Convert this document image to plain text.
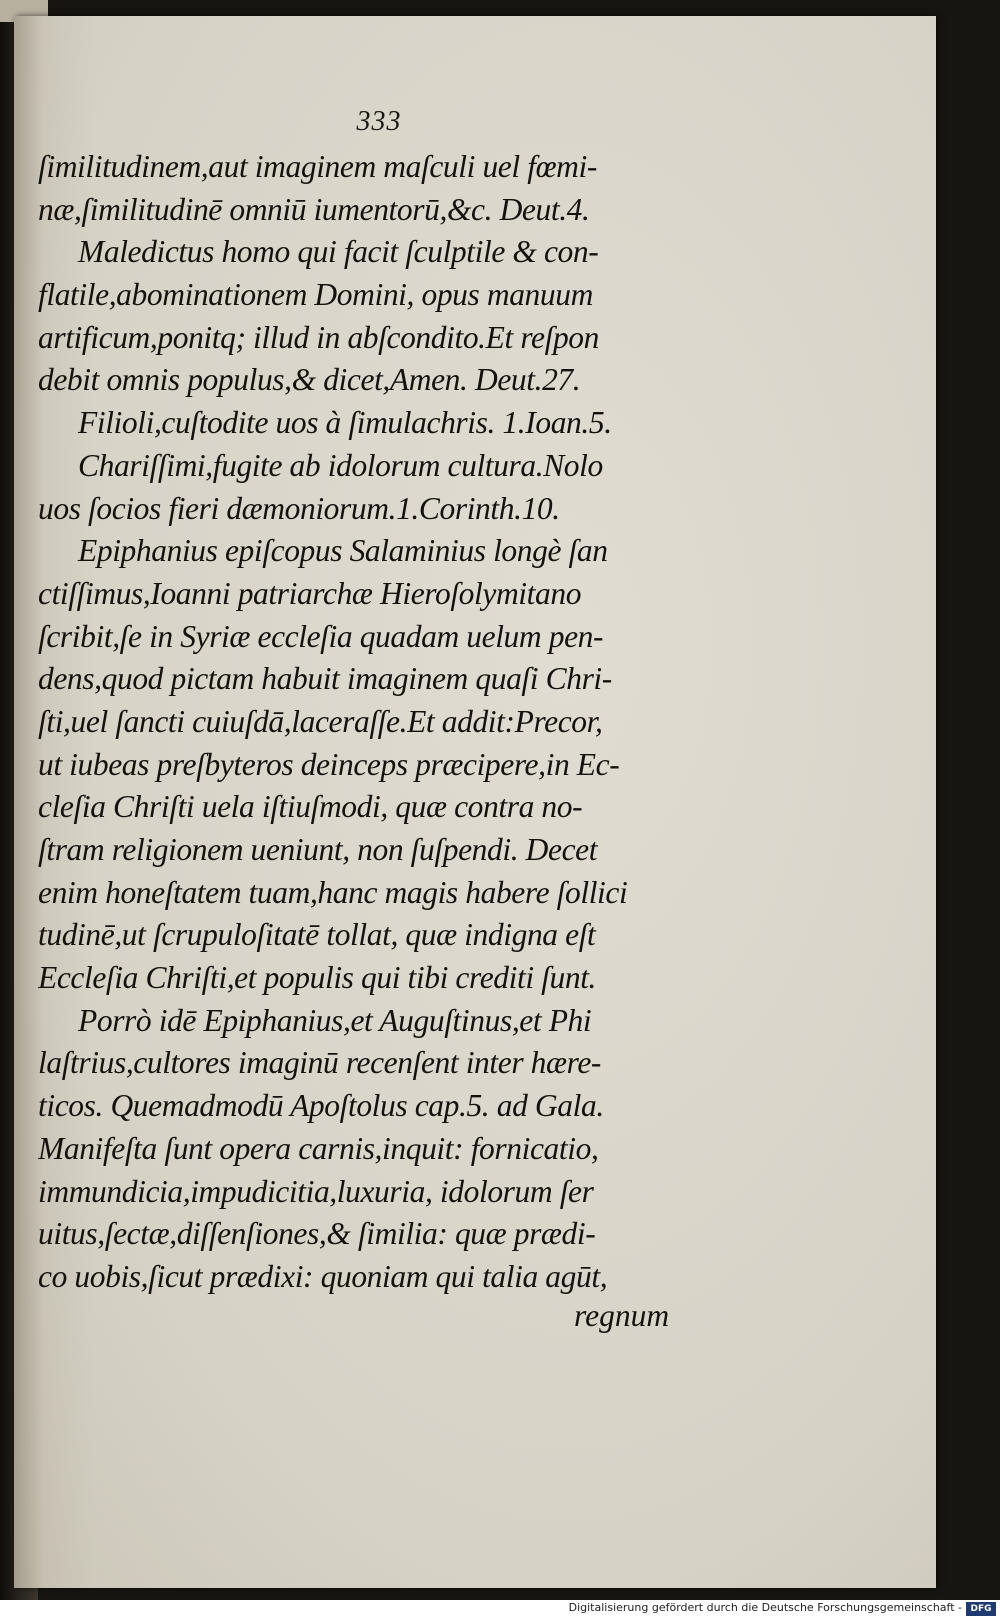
333
ſimilitudinem,aut imaginem maſculi uel fœmi-
næ,ſimilitudinē omniū iumentorū,&c. Deut.4.
Maledictus homo qui facit ſculptile & con-
flatile,abominationem Domini, opus manuum
artificum,ponitq; illud in abſcondito.Et reſpon
debit omnis populus,& dicet,Amen. Deut.27.
Filioli,cuſtodite uos à ſimulachris. 1.Ioan.5.
Chariſſimi,fugite ab idolorum cultura.Nolo
uos ſocios fieri dæmoniorum.1.Corinth.10.
Epiphanius epiſcopus Salaminius longè ſan
ctiſſimus,Ioanni patriarchæ Hieroſolymitano
ſcribit,ſe in Syriæ eccleſia quadam uelum pen-
dens,quod pictam habuit imaginem quaſi Chri-
ſti,uel ſancti cuiuſdā,laceraſſe.Et addit:Precor,
ut iubeas preſbyteros deinceps præcipere,in Ec-
cleſia Chriſti uela iſtiuſmodi, quæ contra no-
ſtram religionem ueniunt, non ſuſpendi. Decet
enim honeſtatem tuam,hanc magis habere ſollici
tudinē,ut ſcrupuloſitatē tollat, quæ indigna eſt
Eccleſia Chriſti,et populis qui tibi crediti ſunt.
Porrò idē Epiphanius,et Auguſtinus,et Phi
laſtrius,cultores imaginū recenſent inter hære-
ticos. Quemadmodū Apoſtolus cap.5. ad Gala.
Manifeſta ſunt opera carnis,inquit: fornicatio,
immundicia,impudicitia,luxuria, idolorum ſer
uitus,ſectæ,diſſenſiones,& ſimilia: quæ prædi-
co uobis,ſicut prædixi: quoniam qui talia agūt,
regnum
Digitalisierung gefördert durch die Deutsche Forschungsgemeinschaft - DFG
